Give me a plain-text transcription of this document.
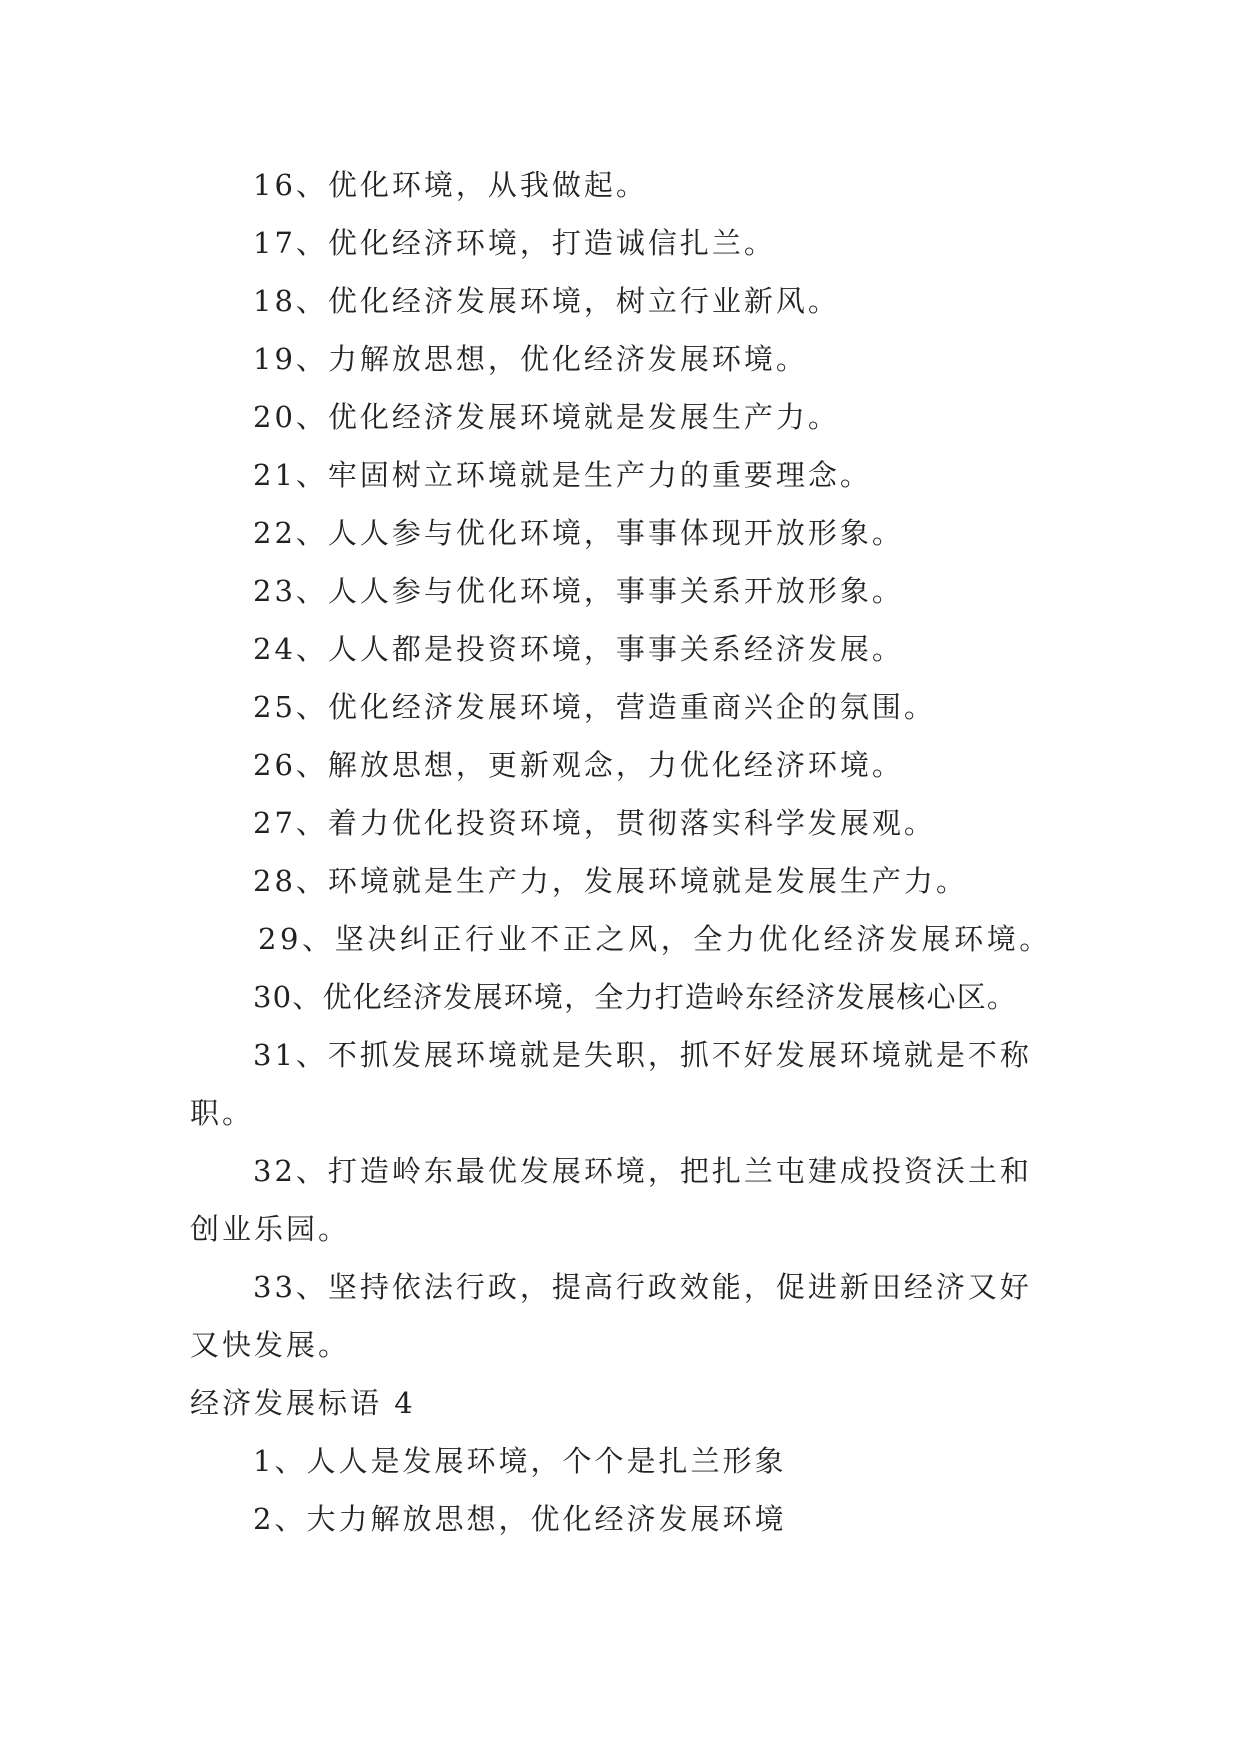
16、优化环境，从我做起。
17、优化经济环境，打造诚信扎兰。
18、优化经济发展环境，树立行业新风。
19、力解放思想，优化经济发展环境。
20、优化经济发展环境就是发展生产力。
21、牢固树立环境就是生产力的重要理念。
22、人人参与优化环境，事事体现开放形象。
23、人人参与优化环境，事事关系开放形象。
24、人人都是投资环境，事事关系经济发展。
25、优化经济发展环境，营造重商兴企的氛围。
26、解放思想，更新观念，力优化经济环境。
27、着力优化投资环境，贯彻落实科学发展观。
28、环境就是生产力，发展环境就是发展生产力。
29、坚决纠正行业不正之风，全力优化经济发展环境。
30、优化经济发展环境，全力打造岭东经济发展核心区。
31、不抓发展环境就是失职，抓不好发展环境就是不称
职。
32、打造岭东最优发展环境，把扎兰屯建成投资沃土和
创业乐园。
33、坚持依法行政，提高行政效能，促进新田经济又好
又快发展。
经济发展标语 4
1、人人是发展环境，个个是扎兰形象
2、大力解放思想，优化经济发展环境
